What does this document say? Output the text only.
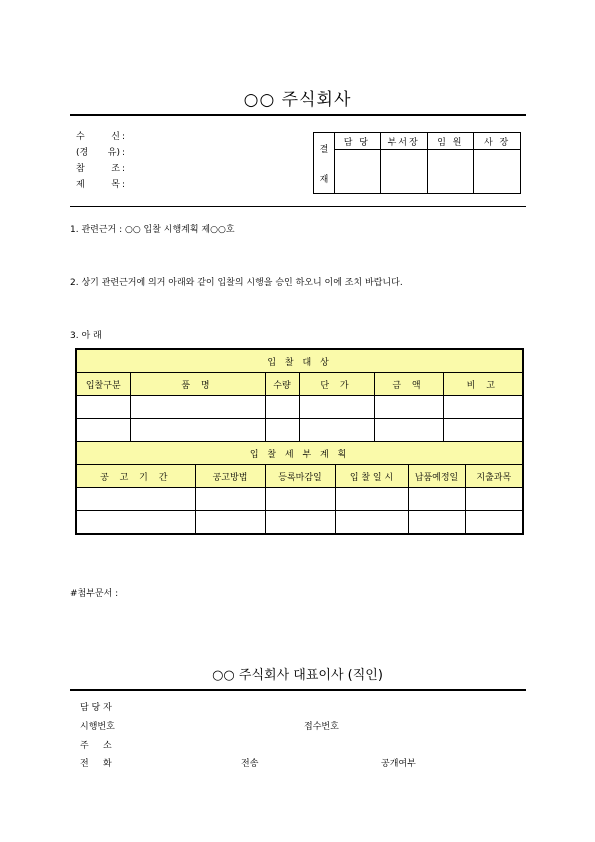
○○ 주식회사
수	신 :
(경 유) :
참	조 :
제	목 :
결
재
담 당	부서장	임 원	사 장
1. 관련근거 : ○○ 입찰 시행계획 제○○호
2. 상기 관련근거에 의거 아래와 같이 입찰의 시행을 승인 하오니 이에 조치 바랍니다.
3. 아 래
입 찰 대 상									
입찰구분	품 명		수량	단 가		금 액		비 고	

입 찰 세 부 계 획									
공 고 기 간		공고방법	등록마감일		입 찰 일 시		납품예정일		지출과목

#첨부문서 :
○○ 주식회사 대표이사 (직인)
담 당 자
시행번호	접수번호
주     소
전     화	전송	공개여부
